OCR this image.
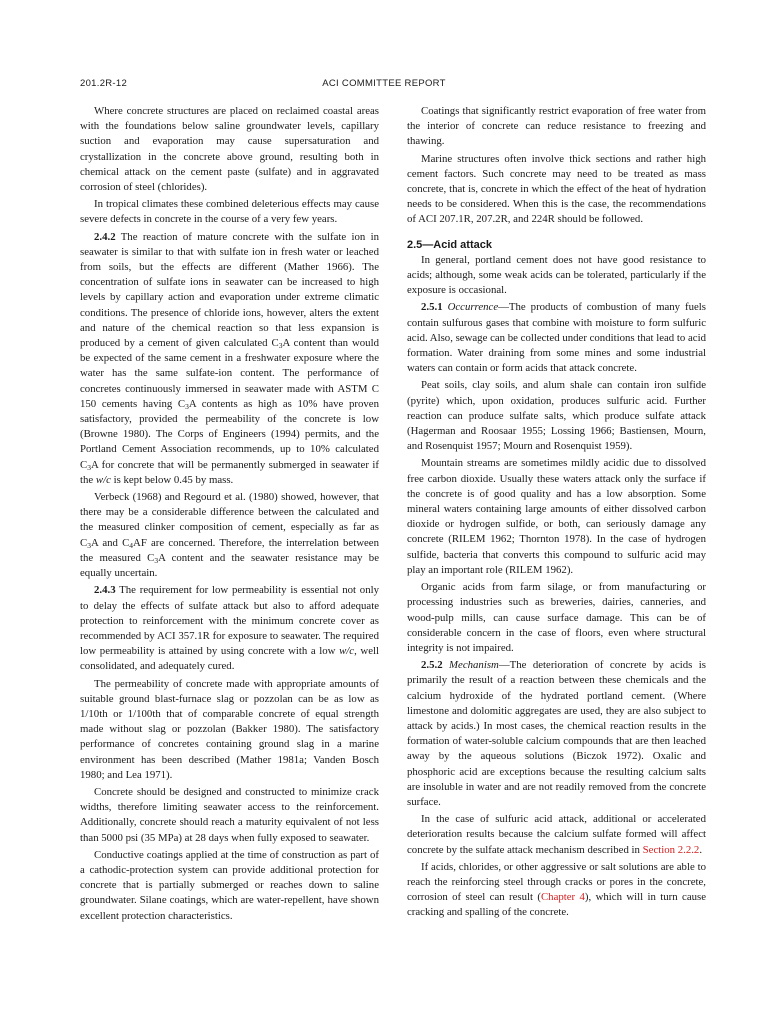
201.2R-12	ACI COMMITTEE REPORT

Where concrete structures are placed on reclaimed coastal areas with the foundations below saline groundwater levels, capillary suction and evaporation may cause supersaturation and crystallization in the concrete above ground, resulting both in chemical attack on the cement paste (sulfate) and in aggravated corrosion of steel (chlorides).

In tropical climates these combined deleterious effects may cause severe defects in concrete in the course of a very few years.

2.4.2 The reaction of mature concrete with the sulfate ion in seawater is similar to that with sulfate ion in fresh water or leached from soils, but the effects are different (Mather 1966). The concentration of sulfate ions in seawater can be increased to high levels by capillary action and evaporation under extreme climatic conditions. The presence of chloride ions, however, alters the extent and nature of the chemical reaction so that less expansion is produced by a cement of given calculated $C_3A$ content than would be expected of the same cement in a freshwater exposure where the water has the same sulfate-ion content. The performance of concretes continuously immersed in seawater made with ASTM C 150 cements having $C_3A$ contents as high as 10% have proven satisfactory, provided the permeability of the concrete is low (Browne 1980). The Corps of Engineers (1994) permits, and the Portland Cement Association recommends, up to 10% calculated $C_3A$ for concrete that will be permanently submerged in seawater if the w/c is kept below 0.45 by mass.

Verbeck (1968) and Regourd et al. (1980) showed, however, that there may be a considerable difference between the calculated and the measured clinker composition of cement, especially as far as $C_3A$ and $C_4AF$ are concerned. Therefore, the interrelation between the measured $C_3A$ content and the seawater resistance may be equally uncertain.

2.4.3 The requirement for low permeability is essential not only to delay the effects of sulfate attack but also to afford adequate protection to reinforcement with the minimum concrete cover as recommended by ACI 357.1R for exposure to seawater. The required low permeability is attained by using concrete with a low w/c, well consolidated, and adequately cured.

The permeability of concrete made with appropriate amounts of suitable ground blast-furnace slag or pozzolan can be as low as 1/10th or 1/100th that of comparable concrete of equal strength made without slag or pozzolan (Bakker 1980). The satisfactory performance of concretes containing ground slag in a marine environment has been described (Mather 1981a; Vanden Bosch 1980; and Lea 1971).

Concrete should be designed and constructed to minimize crack widths, therefore limiting seawater access to the reinforcement. Additionally, concrete should reach a maturity equivalent of not less than 5000 psi (35 MPa) at 28 days when fully exposed to seawater.

Conductive coatings applied at the time of construction as part of a cathodic-protection system can provide additional protection for concrete that is partially submerged or reaches down to saline groundwater. Silane coatings, which are water-repellent, have shown excellent protection characteristics.

Coatings that significantly restrict evaporation of free water from the interior of concrete can reduce resistance to freezing and thawing.

Marine structures often involve thick sections and rather high cement factors. Such concrete may need to be treated as mass concrete, that is, concrete in which the effect of the heat of hydration needs to be considered. When this is the case, the recommendations of ACI 207.1R, 207.2R, and 224R should be followed.

2.5—Acid attack

In general, portland cement does not have good resistance to acids; although, some weak acids can be tolerated, particularly if the exposure is occasional.

2.5.1 Occurrence—The products of combustion of many fuels contain sulfurous gases that combine with moisture to form sulfuric acid. Also, sewage can be collected under conditions that lead to acid formation. Water draining from some mines and some industrial waters can contain or form acids that attack concrete.

Peat soils, clay soils, and alum shale can contain iron sulfide (pyrite) which, upon oxidation, produces sulfuric acid. Further reaction can produce sulfate salts, which produce sulfate attack (Hagerman and Roosaar 1955; Lossing 1966; Bastiensen, Mourn, and Rosenquist 1957; Mourn and Rosenquist 1959).

Mountain streams are sometimes mildly acidic due to dissolved free carbon dioxide. Usually these waters attack only the surface if the concrete is of good quality and has a low absorption. Some mineral waters containing large amounts of either dissolved carbon dioxide or hydrogen sulfide, or both, can seriously damage any concrete (RILEM 1962; Thornton 1978). In the case of hydrogen sulfide, bacteria that converts this compound to sulfuric acid may play an important role (RILEM 1962).

Organic acids from farm silage, or from manufacturing or processing industries such as breweries, dairies, canneries, and wood-pulp mills, can cause surface damage. This can be of considerable concern in the case of floors, even where structural integrity is not impaired.

2.5.2 Mechanism—The deterioration of concrete by acids is primarily the result of a reaction between these chemicals and the calcium hydroxide of the hydrated portland cement. (Where limestone and dolomitic aggregates are used, they are also subject to attack by acids.) In most cases, the chemical reaction results in the formation of water-soluble calcium compounds that are then leached away by the aqueous solutions (Biczok 1972). Oxalic and phosphoric acid are exceptions because the resulting calcium salts are insoluble in water and are not readily removed from the concrete surface.

In the case of sulfuric acid attack, additional or accelerated deterioration results because the calcium sulfate formed will affect concrete by the sulfate attack mechanism described in Section 2.2.2.

If acids, chlorides, or other aggressive or salt solutions are able to reach the reinforcing steel through cracks or pores in the concrete, corrosion of steel can result (Chapter 4), which will in turn cause cracking and spalling of the concrete.
